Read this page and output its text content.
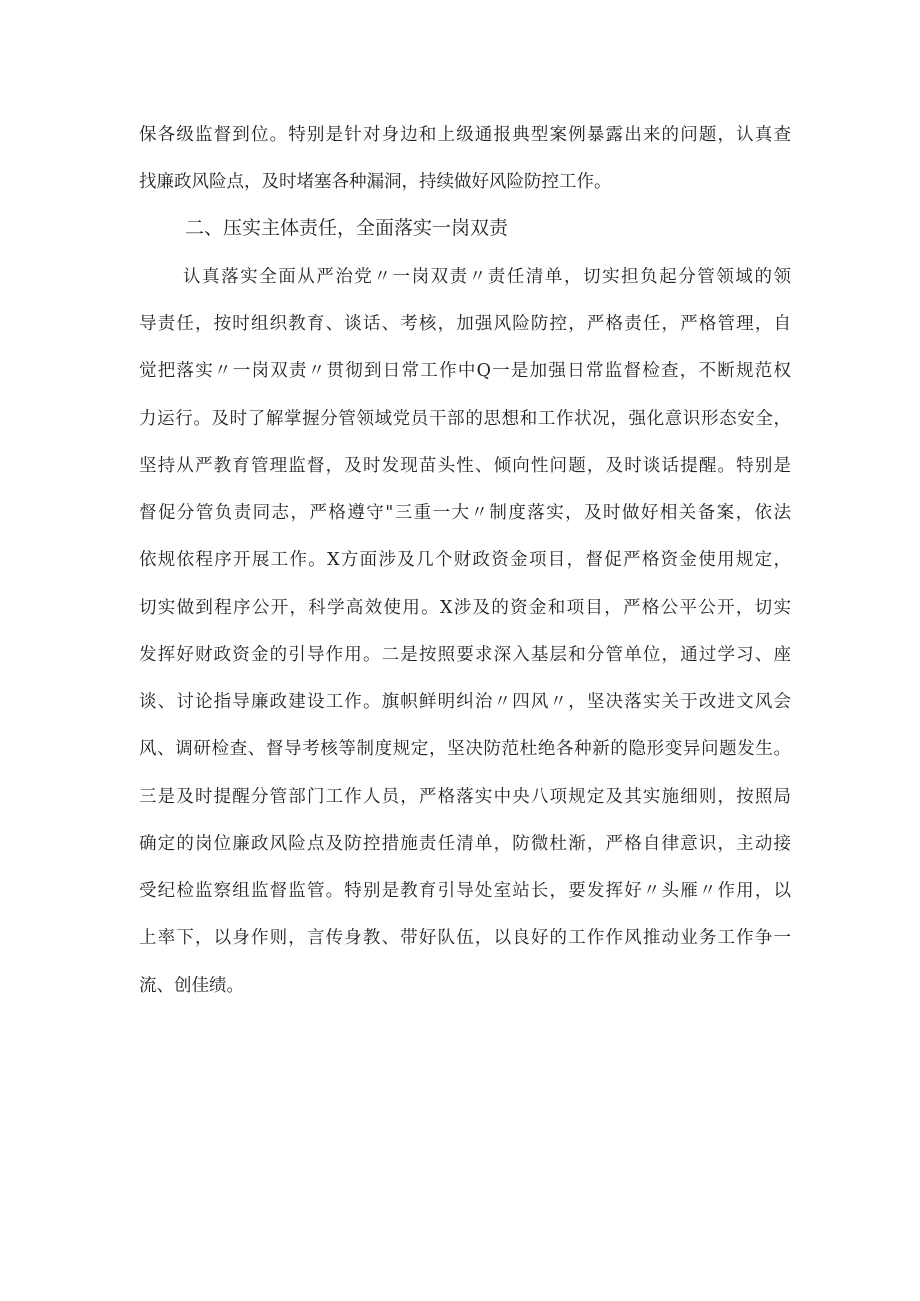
保各级监督到位。特别是针对身边和上级通报典型案例暴露出来的问题，认真查
找廉政风险点，及时堵塞各种漏洞，持续做好风险防控工作。
二、压实主体责任，全面落实一岗双责
认真落实全面从严治党〃一岗双责〃责任清单，切实担负起分管领域的领
导责任，按时组织教育、谈话、考核，加强风险防控，严格责任，严格管理，自
觉把落实〃一岗双责〃贯彻到日常工作中Q一是加强日常监督检查，不断规范权
力运行。及时了解掌握分管领域党员干部的思想和工作状况，强化意识形态安全，
坚持从严教育管理监督，及时发现苗头性、倾向性问题，及时谈话提醒。特别是
督促分管负责同志，严格遵守"三重一大〃制度落实，及时做好相关备案，依法
依规依程序开展工作。X方面涉及几个财政资金项目，督促严格资金使用规定，
切实做到程序公开，科学高效使用。X涉及的资金和项目，严格公平公开，切实
发挥好财政资金的引导作用。二是按照要求深入基层和分管单位，通过学习、座
谈、讨论指导廉政建设工作。旗帜鲜明纠治〃四风〃，坚决落实关于改进文风会
风、调研检查、督导考核等制度规定，坚决防范杜绝各种新的隐形变异问题发生。
三是及时提醒分管部门工作人员，严格落实中央八项规定及其实施细则，按照局
确定的岗位廉政风险点及防控措施责任清单，防微杜渐，严格自律意识，主动接
受纪检监察组监督监管。特别是教育引导处室站长，要发挥好〃头雁〃作用，以
上率下，以身作则，言传身教、带好队伍，以良好的工作作风推动业务工作争一
流、创佳绩。
